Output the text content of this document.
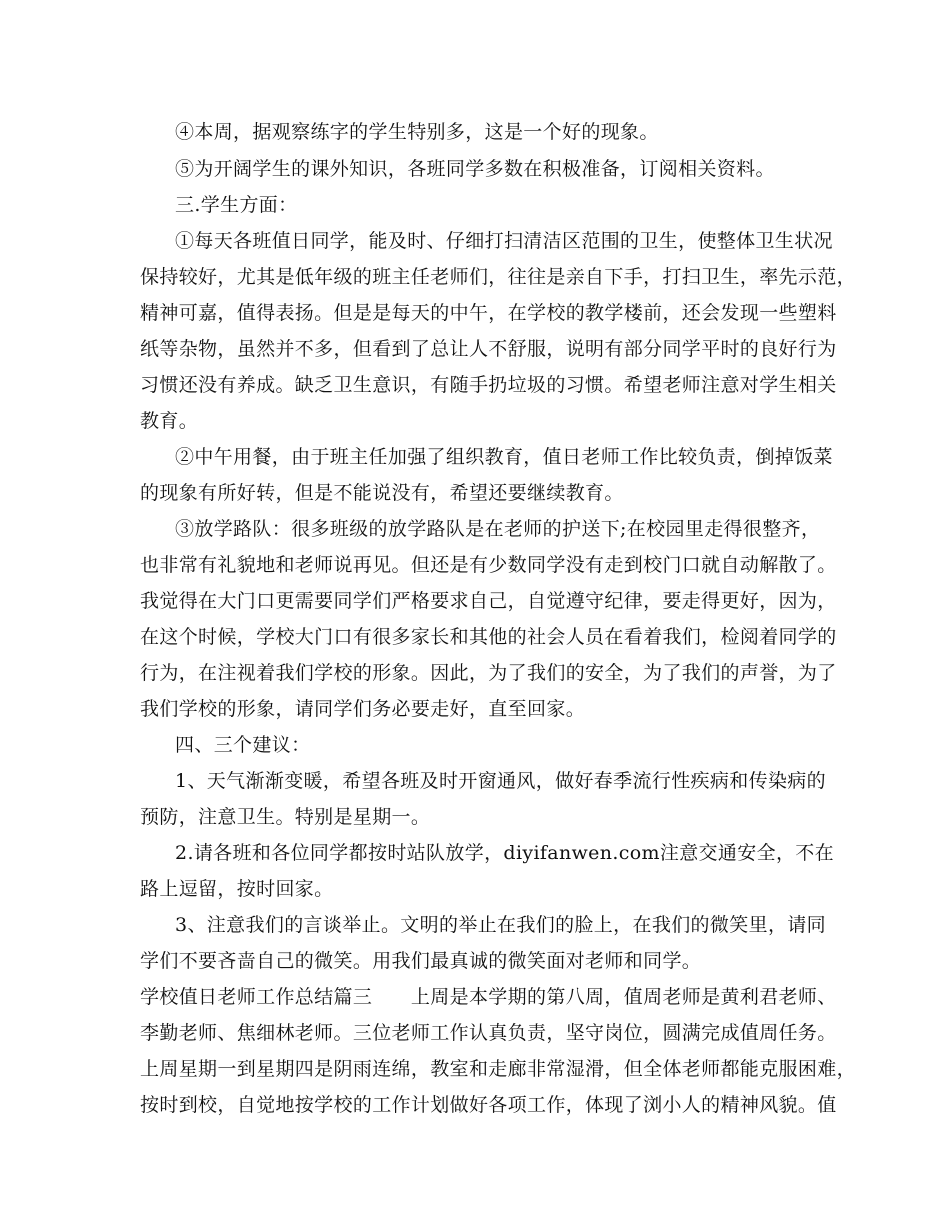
④本周，据观察练字的学生特别多，这是一个好的现象。
⑤为开阔学生的课外知识，各班同学多数在积极准备，订阅相关资料。
三.学生方面：
①每天各班值日同学，能及时、仔细打扫清洁区范围的卫生，使整体卫生状况
保持较好，尤其是低年级的班主任老师们，往往是亲自下手，打扫卫生，率先示范，
精神可嘉，值得表扬。但是是每天的中午，在学校的教学楼前，还会发现一些塑料
纸等杂物，虽然并不多，但看到了总让人不舒服，说明有部分同学平时的良好行为
习惯还没有养成。缺乏卫生意识，有随手扔垃圾的习惯。希望老师注意对学生相关
教育。
②中午用餐，由于班主任加强了组织教育，值日老师工作比较负责，倒掉饭菜
的现象有所好转，但是不能说没有，希望还要继续教育。
③放学路队：很多班级的放学路队是在老师的护送下;在校园里走得很整齐，
也非常有礼貌地和老师说再见。但还是有少数同学没有走到校门口就自动解散了。
我觉得在大门口更需要同学们严格要求自己，自觉遵守纪律，要走得更好，因为，
在这个时候，学校大门口有很多家长和其他的社会人员在看着我们，检阅着同学的
行为，在注视着我们学校的形象。因此，为了我们的安全，为了我们的声誉，为了
我们学校的形象，请同学们务必要走好，直至回家。
四、三个建议：
1、天气渐渐变暖，希望各班及时开窗通风，做好春季流行性疾病和传染病的
预防，注意卫生。特别是星期一。
2.请各班和各位同学都按时站队放学，diyifanwen.com注意交通安全，不在
路上逗留，按时回家。
3、注意我们的言谈举止。文明的举止在我们的脸上，在我们的微笑里，请同
学们不要吝啬自己的微笑。用我们最真诚的微笑面对老师和同学。
学校值日老师工作总结篇三　　上周是本学期的第八周，值周老师是黄利君老师、
李勤老师、焦细林老师。三位老师工作认真负责，坚守岗位，圆满完成值周任务。
上周星期一到星期四是阴雨连绵，教室和走廊非常湿滑，但全体老师都能克服困难，
按时到校，自觉地按学校的工作计划做好各项工作，体现了浏小人的精神风貌。值
